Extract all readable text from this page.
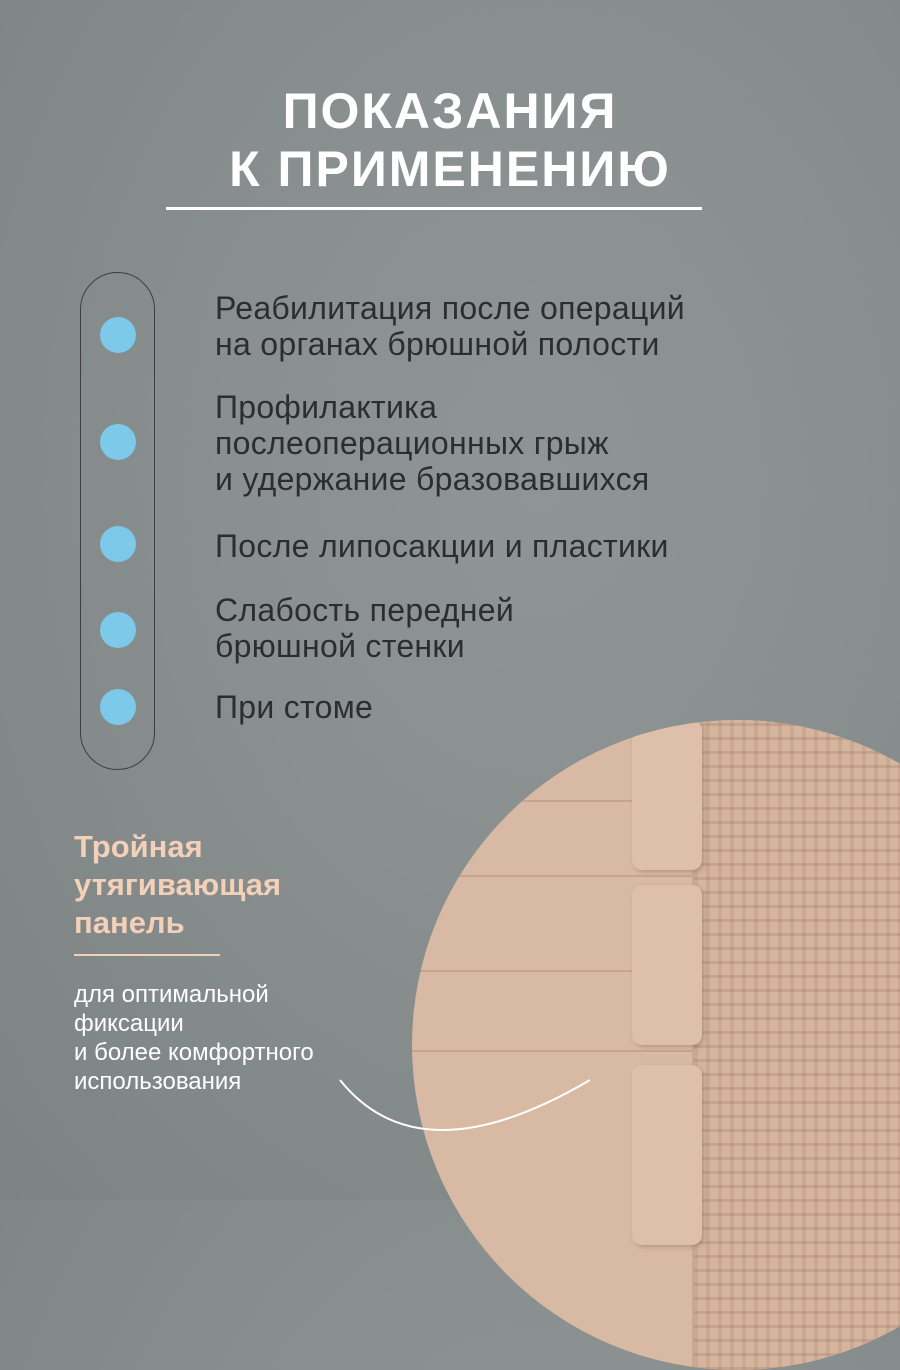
ПОКАЗАНИЯ
К ПРИМЕНЕНИЮ
Реабилитация после операций
на органах брюшной полости
Профилактика
послеоперационных грыж
и удержание бразовавшихся
После липосакции и пластики
Слабость передней
брюшной стенки
При стоме
Тройная
утягивающая
панель
для оптимальной
фиксации
и более комфортного
использования
